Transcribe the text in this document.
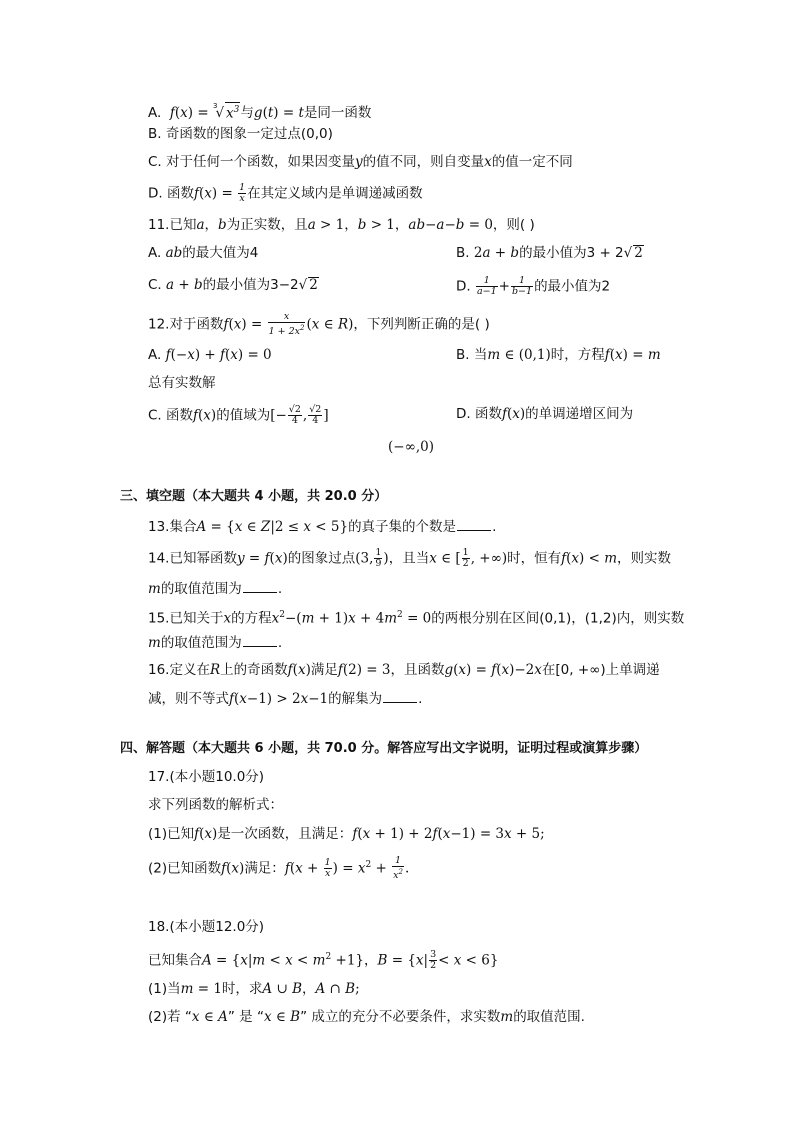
A.  f(x) = $^3$√ $x^3$与g(t) = t是同一函数
B. 奇函数的图象一定过点(0,0)
C. 对于任何一个函数，如果因变量y的值不同，则自变量x的值一定不同
D. 函数$f(x) = \frac{1}{x}$ 在其定义域内是单调递减函数
11.已知a，b为正实数，且a > 1，b > 1，ab−a−b = 0，则( )
A. ab的最大值为4	B. 2a + b的最小值为3 + 2√ 2
C. a + b的最小值为3−2√ 2	D. $\frac{1}{a-1} + \frac{1}{b-1}$ 的最小值为2
12.对于函数$f(x) = \frac{x}{1 + 2x^2} (x$ ∈ R)，下列判断正确的是( )
A. f(−x) + f(x) = 0	B. 当m ∈ (0,1)时，方程f(x) = m
总有实数解
C. 函数f(x)的值域为[− $\frac{√2}{4}$ , $\frac{√2}{4}$ ]	D. 函数f(x)的单调递增区间为
(−∞,0)
三、填空题（本大题共 4 小题，共 20.0 分）
13.集合A = {x ∈ Z|2 ≤ x < 5}的真子集的个数是	.
14.已知幂函数y = f(x)的图象过点(3, $\frac{1}{9}$ )，且当x ∈ [ $\frac{1}{2}$ , +∞)时，恒有f(x) < m，则实数
m的取值范围为	.
15.已知关于x的方程$x^2-(m + 1)x + 4m^2 = 0$的两根分别在区间(0,1)，(1,2)内，则实数
m的取值范围为	.
16.定义在R上的奇函数f(x)满足f(2) = 3，且函数g(x) = f(x)−2x在[0, +∞)上单调递
减，则不等式f(x−1) > 2x−1的解集为	.
四、解答题（本大题共 6 小题，共 70.0 分。解答应写出文字说明，证明过程或演算步骤）
17.(本小题10.0分)
求下列函数的解析式：
(1)已知f(x)是一次函数，且满足：f(x + 1) + 2f(x−1) = 3x + 5;
(2)已知函数f(x)满足：$f(x + \frac{1}{x}$ ) = $x^2 + \frac{1}{x^2}$ .
18.(本小题12.0分)
已知集合$A = \{x|m < x < m^2 +1\}$，$B = \{x| \frac{3}{2} < x < 6\}$
(1)当m = 1时，求A ∪ B，A ∩ B;
(2)若 “x ∈ A” 是 “x ∈ B” 成立的充分不必要条件，求实数m的取值范围.
